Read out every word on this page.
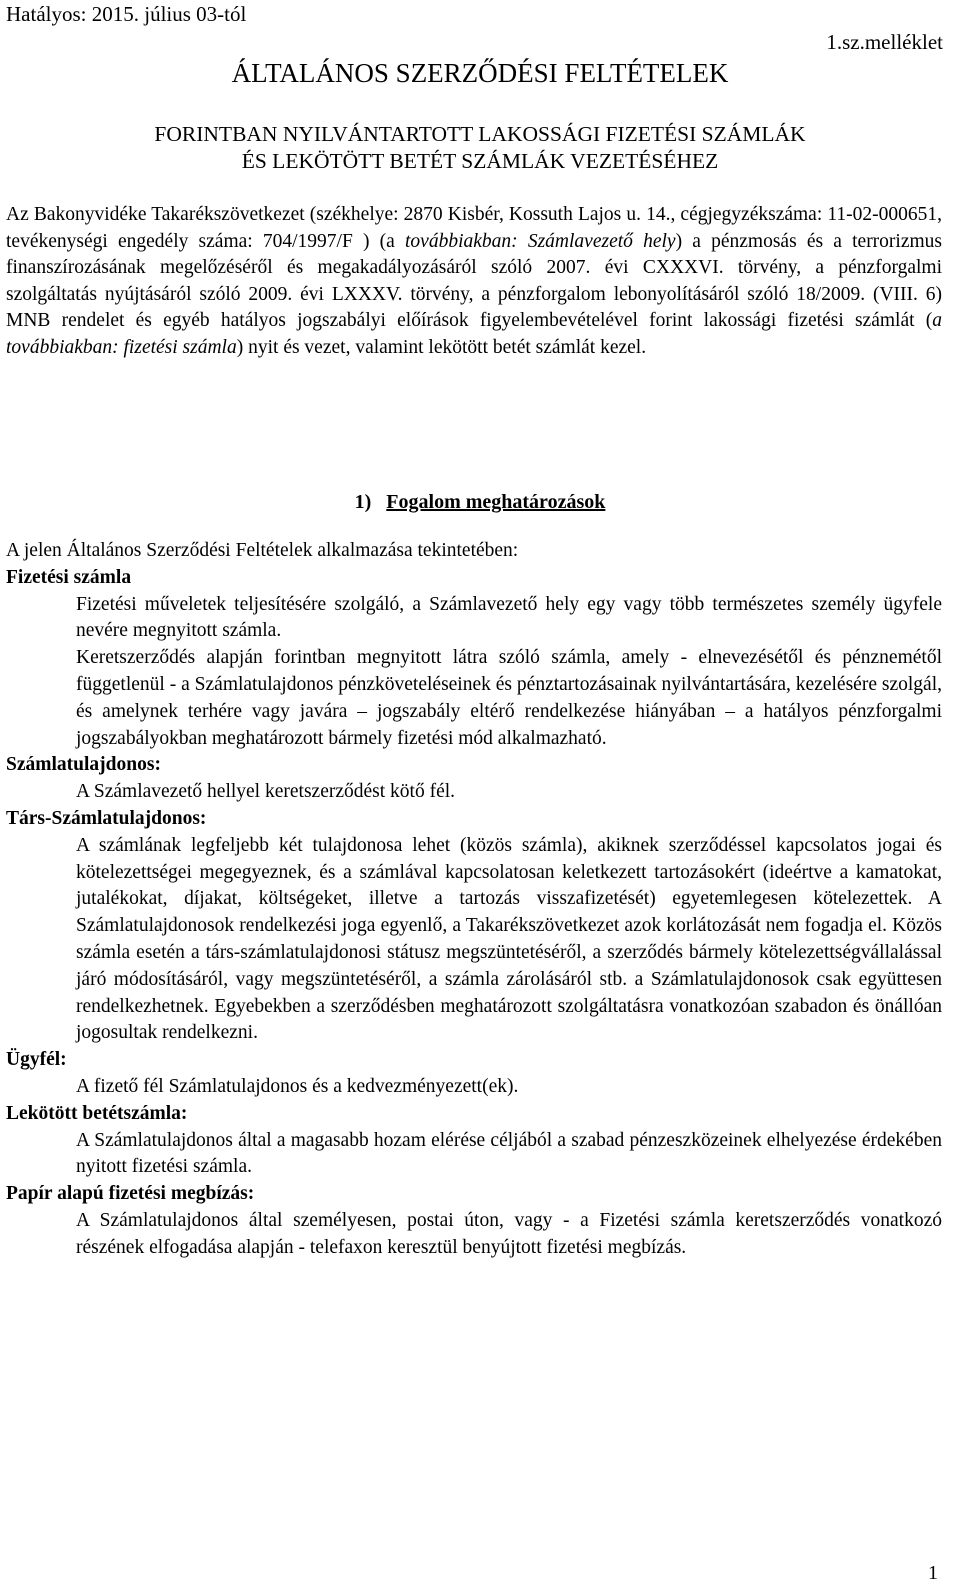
Hatályos: 2015. július 03-tól
1.sz.melléklet
ÁLTALÁNOS SZERZŐDÉSI FELTÉTELEK
FORINTBAN NYILVÁNTARTOTT LAKOSSÁGI FIZETÉSI SZÁMLÁK ÉS LEKÖTÖTT BETÉT SZÁMLÁK VEZETÉSÉHEZ
Az Bakonyvidéke Takarékszövetkezet (székhelye: 2870 Kisbér, Kossuth Lajos u. 14., cégjegyzékszáma: 11-02-000651, tevékenységi engedély száma: 704/1997/F ) (a továbbiakban: Számlavezető hely) a pénzmosás és a terrorizmus finanszírozásának megelőzéséről és megakadályozásáról szóló 2007. évi CXXXVI. törvény, a pénzforgalmi szolgáltatás nyújtásáról szóló 2009. évi LXXXV. törvény, a pénzforgalom lebonyolításáról szóló 18/2009. (VIII. 6) MNB rendelet és egyéb hatályos jogszabályi előírások figyelembevételével forint lakossági fizetési számlát (a továbbiakban: fizetési számla) nyit és vezet, valamint lekötött betét számlát kezel.
1) Fogalom meghatározások

A jelen Általános Szerződési Feltételek alkalmazása tekintetében:

Fizetési számla

Fizetési műveletek teljesítésére szolgáló, a Számlavezető hely egy vagy több természetes személy ügyfele nevére megnyitott számla.

Keretszerződés alapján forintban megnyitott látra szóló számla, amely - elnevezésétől és pénznemétől függetlenül - a Számlatulajdonos pénzköveteléseinek és pénztartozásainak nyilvántartására, kezelésére szolgál, és amelynek terhére vagy javára – jogszabály eltérő rendelkezése hiányában – a hatályos pénzforgalmi jogszabályokban meghatározott bármely fizetési mód alkalmazható.

Számlatulajdonos:

A Számlavezető hellyel keretszerződést kötő fél.

Társ-Számlatulajdonos:

A számlának legfeljebb két tulajdonosa lehet (közös számla), akiknek szerződéssel kapcsolatos jogai és kötelezettségei megegyeznek, és a számlával kapcsolatosan keletkezett tartozásokért (ideértve a kamatokat, jutalékokat, díjakat, költségeket, illetve a tartozás visszafizetését) egyetemlegesen kötelezettek. A Számlatulajdonosok rendelkezési joga egyenlő, a Takarékszövetkezet azok korlátozását nem fogadja el. Közös számla esetén a társ-számlatulajdonosi státusz megszüntetéséről, a szerződés bármely kötelezettségvállalással járó módosításáról, vagy megszüntetéséről, a számla zárolásáról stb. a Számlatulajdonosok csak együttesen rendelkezhetnek. Egyebekben a szerződésben meghatározott szolgáltatásra vonatkozóan szabadon és önállóan jogosultak rendelkezni.

Ügyfél:

A fizető fél Számlatulajdonos és a kedvezményezett(ek).

Lekötött betétszámla:

A Számlatulajdonos által a magasabb hozam elérése céljából a szabad pénzeszközeinek elhelyezése érdekében nyitott fizetési számla.

Papír alapú fizetési megbízás:

A Számlatulajdonos által személyesen, postai úton, vagy - a Fizetési számla keretszerződés vonatkozó részének elfogadása alapján - telefaxon keresztül benyújtott fizetési megbízás.

1
